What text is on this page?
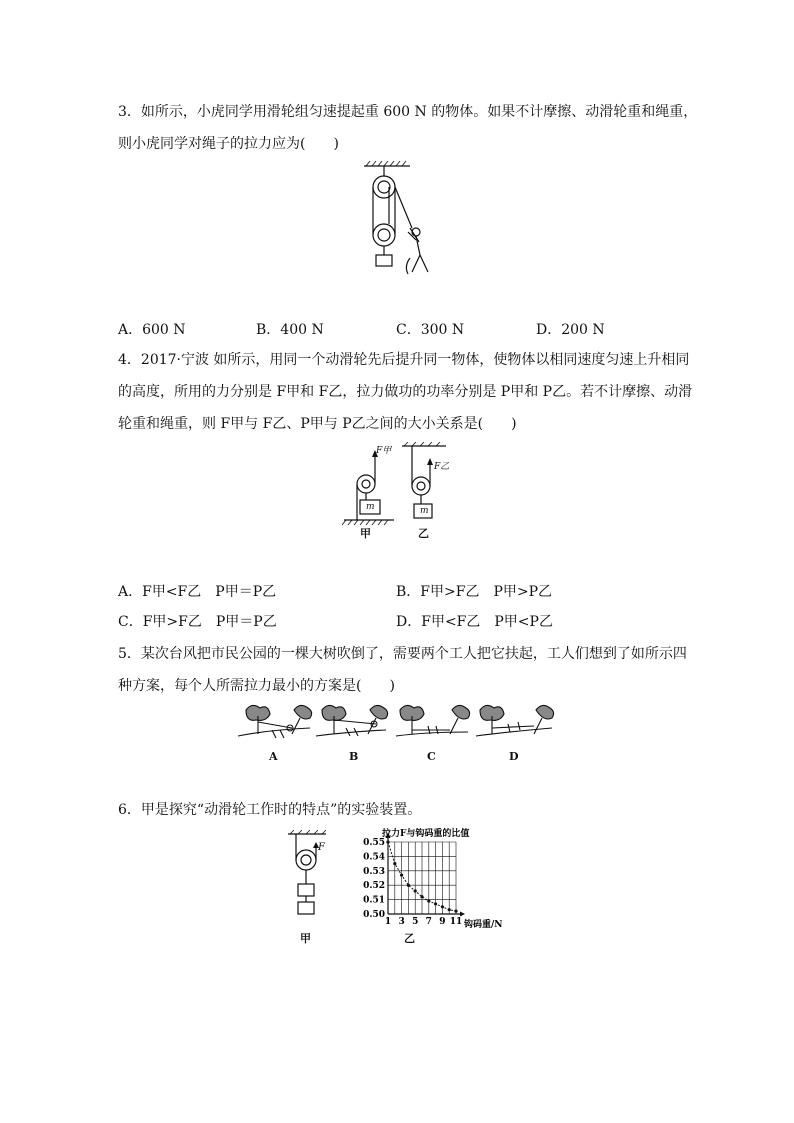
3．如所示，小虎同学用滑轮组匀速提起重 600 N 的物体。如果不计摩擦、动滑轮重和绳重，
则小虎同学对绳子的拉力应为(　　)
A．600 N	B．400 N	C．300 N	D．200 N
4．2017·宁波 如所示，用同一个动滑轮先后提升同一物体，使物体以相同速度匀速上升相同
的高度，所用的力分别是 F甲和 F乙，拉力做功的功率分别是 P甲和 P乙。若不计摩擦、动滑
轮重和绳重，则 F甲与 F乙、P甲与 P乙之间的大小关系是(　　)
F甲
F乙
m	m
甲	乙
A．F甲<F乙　P甲＝P乙	B．F甲>F乙　P甲>P乙
C．F甲>F乙　P甲＝P乙	D．F甲<F乙　P甲<P乙
5．某次台风把市民公园的一棵大树吹倒了，需要两个工人把它扶起，工人们想到了如所示四
种方案，每个人所需拉力最小的方案是(　　)
A	B	C	D
6．甲是探究“动滑轮工作时的特点”的实验装置。
F
甲
1 3 5 7 9 11
0.50
0.51
0.52
0.53
0.54
0.55
拉力F与钩码重的比值
钩码重/N
乙
